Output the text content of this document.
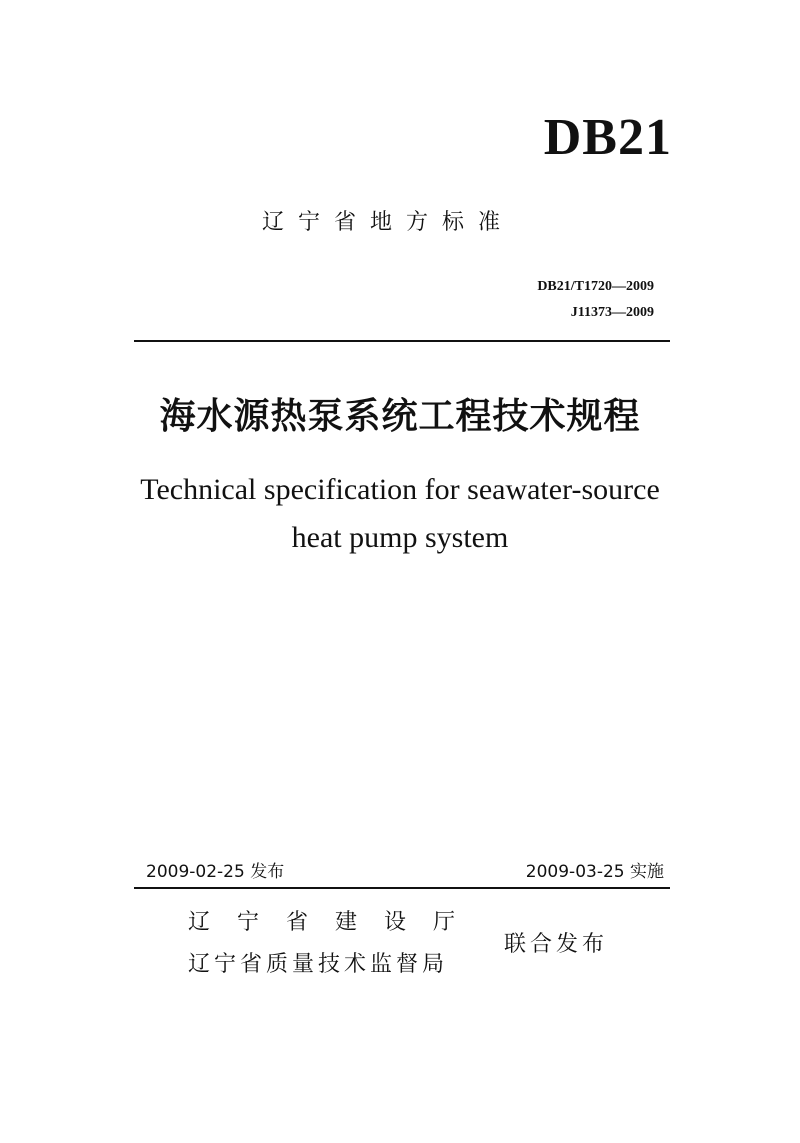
DB21
辽宁省地方标准
DB21/T1720—2009
J11373—2009
海水源热泵系统工程技术规程
Technical specification for seawater-source
heat pump system
2009-02-25 发布	2009-03-25 实施
辽宁省建设厅
辽宁省质量技术监督局
联合发布
